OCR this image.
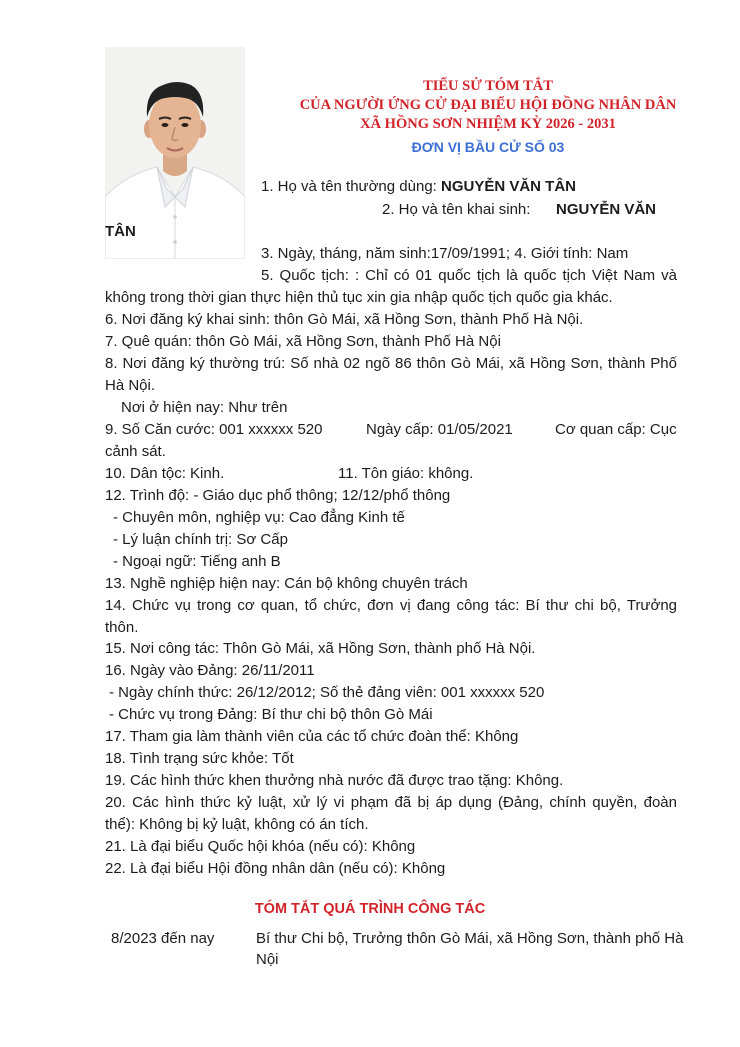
TIỂU SỬ TÓM TẮT
CỦA NGƯỜI ỨNG CỬ ĐẠI BIỂU HỘI ĐỒNG NHÂN DÂN
XÃ HỒNG SƠN NHIỆM KỲ 2026 - 2031
ĐƠN VỊ BẦU CỬ SỐ 03
1. Họ và tên thường dùng: NGUYỄN VĂN TÂN
2. Họ và tên khai sinh: NGUYỄN VĂN
TÂN
3. Ngày, tháng, năm sinh:17/09/1991; 4. Giới tính: Nam
5. Quốc tịch: : Chỉ có 01 quốc tịch là quốc tịch Việt Nam và
không trong thời gian thực hiện thủ tục xin gia nhập quốc tịch quốc gia khác.
6. Nơi đăng ký khai sinh: thôn Gò Mái, xã Hồng Sơn, thành Phố Hà Nội.
7. Quê quán: thôn Gò Mái, xã Hồng Sơn, thành Phố Hà Nội
8. Nơi đăng ký thường trú: Số nhà 02 ngõ 86 thôn Gò Mái, xã Hồng Sơn, thành Phố
Hà Nội.
Nơi ở hiện nay: Như trên
9. Số Căn cước: 001 xxxxxx 520	Ngày cấp: 01/05/2021	Cơ quan cấp: Cục
cảnh sát.
10. Dân tộc: Kinh.	11. Tôn giáo: không.
12. Trình độ: - Giáo dục phổ thông; 12/12/phổ thông
- Chuyên môn, nghiệp vụ: Cao đẳng Kinh tế
- Lý luận chính trị: Sơ Cấp
- Ngoại ngữ: Tiếng anh B
13. Nghề nghiệp hiện nay: Cán bộ không chuyên trách
14. Chức vụ trong cơ quan, tổ chức, đơn vị đang công tác: Bí thư chi bộ, Trưởng
thôn.
15. Nơi công tác: Thôn Gò Mái, xã Hồng Sơn, thành phố Hà Nội.
16. Ngày vào Đảng: 26/11/2011
- Ngày chính thức: 26/12/2012; Số thẻ đảng viên: 001 xxxxxx 520
- Chức vụ trong Đảng: Bí thư chi bộ thôn Gò Mái
17. Tham gia làm thành viên của các tổ chức đoàn thể: Không
18. Tình trạng sức khỏe: Tốt
19. Các hình thức khen thưởng nhà nước đã được trao tặng: Không.
20. Các hình thức kỷ luật, xử lý vi phạm đã bị áp dụng (Đảng, chính quyền, đoàn
thể): Không bị kỷ luật, không có án tích.
21. Là đại biểu Quốc hội khóa (nếu có): Không
22. Là đại biểu Hội đồng nhân dân (nếu có): Không
TÓM TẮT QUÁ TRÌNH CÔNG TÁC
8/2023 đến nay	Bí thư Chi bộ, Trưởng thôn Gò Mái, xã Hồng Sơn, thành phố Hà
Nội
